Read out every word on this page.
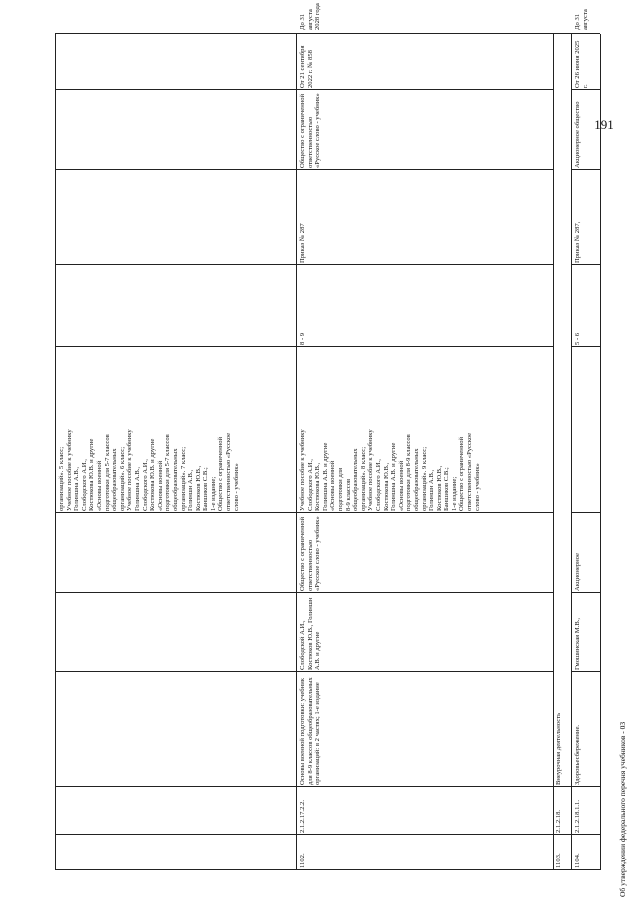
191
организаций». 5 класс; Учебное пособие к учебнику Голиншна А.В., Слободского А.И., Костюкова Ю.В. и другие «Основы военной подготовки для 5-7 классов общеобразовательных организаций». 6 класс; Учебное пособие к учебнику Голиншна А.В., Слободского А.И., Костюкова Ю.В. и другие «Основы военной подготовки для 5-7 классов общеобразовательных организаций». 7 класс; Голиншн А.В., Костюков Ю.В., Баншиков С.В.; 1-е издание; Общество с ограниченной ответственностью «Русское слово - учебник»
1102.
2.1.2.17.2.2.
Основы военной подготовки: учебник для 8-9 классов общеобразовательных организаций: в 2 частях; 1-е издание
Слободской А.И., Костюков Ю.В., Голиншн А.В. и другие
Общество с ограниченной ответственностью «Русское слово - учебник»
Учебное пособие к учебнику Слободского А.И., Костюкова Ю.В., Голиншна А.В. и другие «Основы военной подготовки для 8-9 классов общеобразовательных организаций». 8 класс; Учебное пособие к учебнику Слободского А.И., Костюкова Ю.В., Голиншна А.В. и другие «Основы военной подготовки для 8-9 классов общеобразовательных организаций». 9 класс; Голиншн А.В., Костюков Ю.В., Баншиков С.В.; 1-е издание; Общество с ограниченной ответственностью «Русское слово - учебник»
8 - 9
Приказ № 287
Общество с ограниченной ответственностью «Русское слово - учебник»
От 21 сентября 2022 г. № 858
1103.
2.1.2.18.
Внеурочная деятельность
1104.
2.1.2.18.1.1.
Здоровьесбережение.
Гмошинская М.В.,
Акционерное
5 - 6
Приказ № 287,
Акционерное общество
От 26 июня 2025 г.
До 31 августа 2028 года	До 31 августа
Об утверждении федерального перечня учебников - 03
